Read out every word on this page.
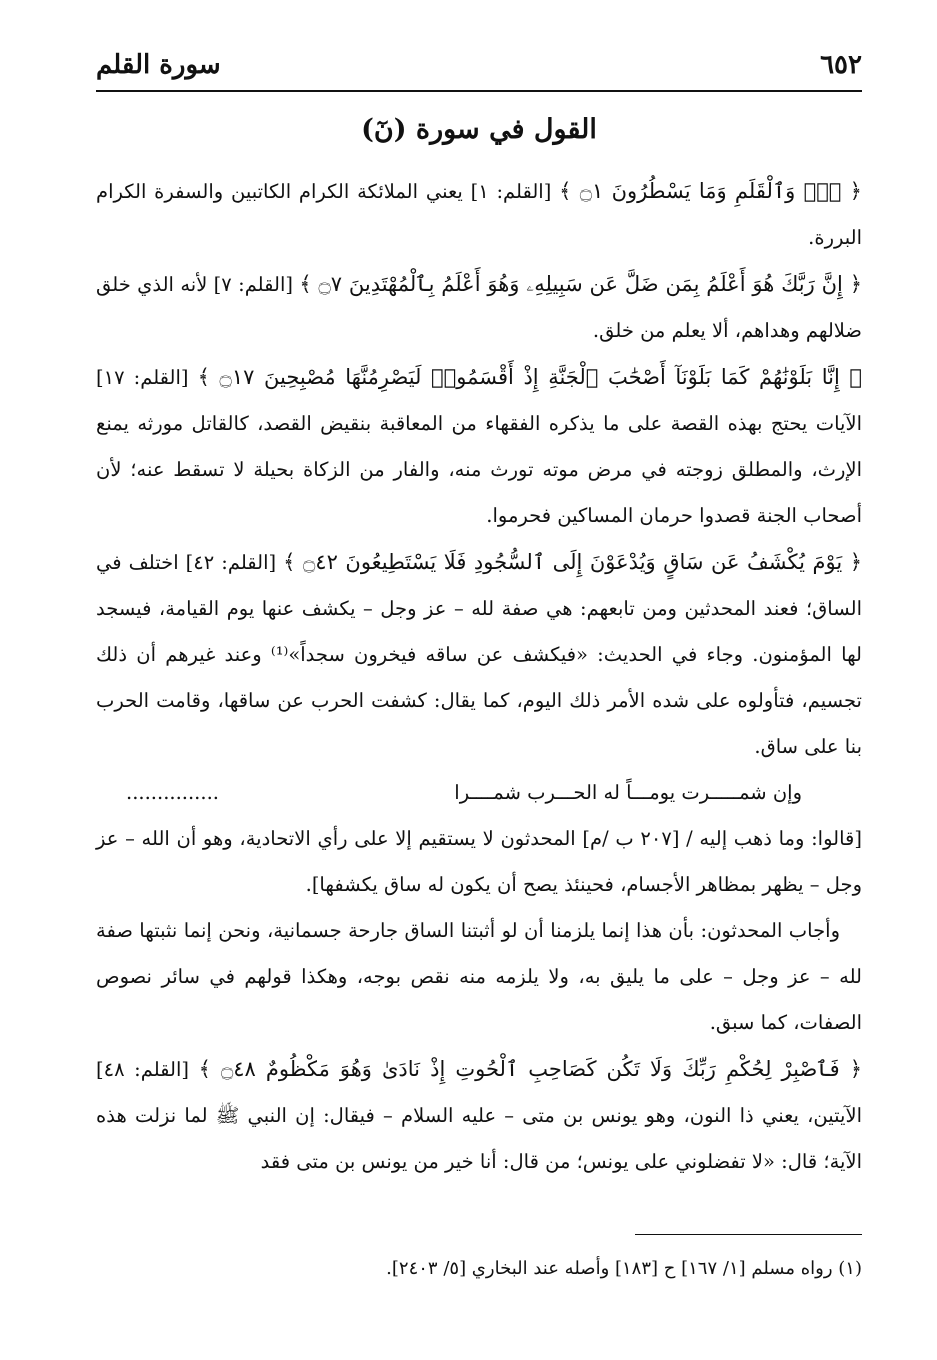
٦٥٢
سورة القلم
القول في سورة (نٓ)

﴿ نٓۚ وَٱلْقَلَمِ وَمَا يَسْطُرُونَ ۝١ ﴾ [القلم: ١] يعني الملائكة الكرام الكاتبين والسفرة الكرام البررة.

﴿ إِنَّ رَبَّكَ هُوَ أَعْلَمُ بِمَن ضَلَّ عَن سَبِيلِهِۦ وَهُوَ أَعْلَمُ بِٱلْمُهْتَدِينَ ۝٧ ﴾ [القلم: ٧] لأنه الذي خلق ضلالهم وهداهم، ألا يعلم من خلق.

﴿ إِنَّا بَلَوْنَٰهُمْ كَمَا بَلَوْنَآ أَصْحَٰبَ ٱلْجَنَّةِ إِذْ أَقْسَمُوا۟ لَيَصْرِمُنَّهَا مُصْبِحِينَ ۝١٧ ﴾ [القلم: ١٧] الآيات يحتج بهذه القصة على ما يذكره الفقهاء من المعاقبة بنقيض القصد، كالقاتل مورثه يمنع الإرث، والمطلق زوجته في مرض موته تورث منه، والفار من الزكاة بحيلة لا تسقط عنه؛ لأن أصحاب الجنة قصدوا حرمان المساكين فحرموا.

﴿ يَوْمَ يُكْشَفُ عَن سَاقٍ وَيُدْعَوْنَ إِلَى ٱلسُّجُودِ فَلَا يَسْتَطِيعُونَ ۝٤٢ ﴾ [القلم: ٤٢] اختلف في الساق؛ فعند المحدثين ومن تابعهم: هي صفة لله – عز وجل – يكشف عنها يوم القيامة، فيسجد لها المؤمنون. وجاء في الحديث: «فيكشف عن ساقه فيخرون سجداً»⁽¹⁾ وعند غيرهم أن ذلك تجسيم، فتأولوه على شده الأمر ذلك اليوم، كما يقال: كشفت الحرب عن ساقها، وقامت الحرب بنا على ساق.

وإن شمـــــرت يومـــاً له الحـــرب شمــــرا
...............

[قالوا: وما ذهب إليه / [٢٠٧ ب /م] المحدثون لا يستقيم إلا على رأي الاتحادية، وهو أن الله – عز وجل – يظهر بمظاهر الأجسام، فحينئذ يصح أن يكون له ساق يكشفها].

وأجاب المحدثون: بأن هذا إنما يلزمنا أن لو أثبتنا الساق جارحة جسمانية، ونحن إنما نثبتها صفة لله – عز وجل – على ما يليق به، ولا يلزمه منه نقص بوجه، وهكذا قولهم في سائر نصوص الصفات، كما سبق.

﴿ فَٱصْبِرْ لِحُكْمِ رَبِّكَ وَلَا تَكُن كَصَاحِبِ ٱلْحُوتِ إِذْ نَادَىٰ وَهُوَ مَكْظُومٌ ۝٤٨ ﴾ [القلم: ٤٨] الآيتين، يعني ذا النون، وهو يونس بن متى – عليه السلام – فيقال: إن النبي ﷺ لما نزلت هذه الآية؛ قال: «لا تفضلوني على يونس؛ من قال: أنا خير من يونس بن متى فقد

(١) رواه مسلم [١/ ١٦٧] ح [١٨٣] وأصله عند البخاري [٥/ ٢٤٠٣].
